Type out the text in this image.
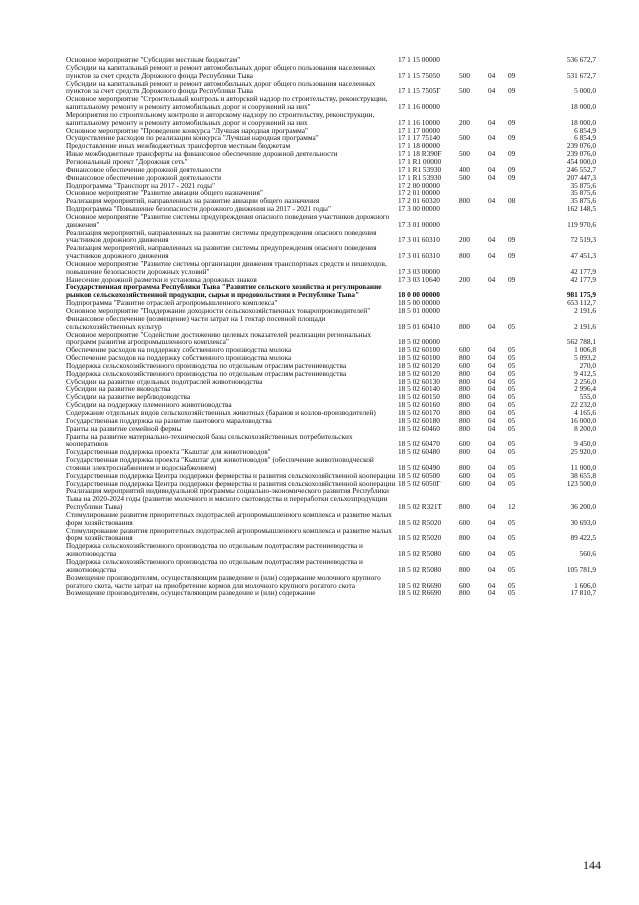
Основное мероприятие "Субсидии местным бюджетам"	17 1 15 00000	536 672,7
Субсидии на капитальный ремонт и ремонт автомобильных дорог общего пользования населенных пунктов за счет средств Дорожного фонда Республики Тыва	17 1 15 75050	500	04	09	531 672,7
Субсидии на капитальный ремонт и ремонт автомобильных дорог общего пользования населенных пунктов за счет средств Дорожного фонда Республики Тыва	17 1 15 7505Г	500	04	09	5 000,0
Основное мероприятие "Строительный контроль и авторский надзор по строительству, реконструкции, капитальному ремонту и ремонту автомобильных дорог и сооружений на них"	17 1 16 00000	18 000,0
Мероприятия по строительному контролю и авторскому надзору по строительству, реконструкции, капитальному ремонту и ремонту автомобильных дорог и сооружений на них	17 1 16 10000	200	04	09	18 000,0
Основное мероприятие "Проведение конкурса "Лучшая народная программа"	17 1 17 00000	6 854,9
Осуществление расходов по реализации конкурса "Лучшая народная программа"	17 1 17 75140	500	04	09	6 854,9
Предоставление иных межбюджетных трансфертов местным бюджетам	17 1 18 00000	239 076,0
Иные межбюджетные трансферты на финансовое обеспечение дорожной деятельности	17 1 18 R390F	500	04	09	239 076,0
Региональный проект "Дорожная сеть"	17 1 R1 00000	454 000,0
Финансовое обеспечение дорожной деятельности	17 1 R1 53930	400	04	09	246 552,7
Финансовое обеспечение дорожной деятельности	17 1 R1 53930	500	04	09	207 447,3
Подпрограмма "Транспорт на 2017 - 2021 годы"	17 2 00 00000	35 875,6
Основное мероприятие "Развитие авиации общего назначения"	17 2 01 00000	35 875,6
Реализация мероприятий, направленных на развитие авиации общего назначения	17 2 01 60320	800	04	08	35 875,6
Подпрограмма "Повышение безопасности дорожного движения на 2017 - 2021 годы"	17 3 00 00000	162 148,5
Основное мероприятие "Развитие системы предупреждения опасного поведения участников дорожного движения"	17 3 01 00000	119 970,6
Реализация мероприятий, направленных на развитие системы предупреждения опасного поведения участников дорожного движения	17 3 01 60310	200	04	09	72 519,3
Реализация мероприятий, направленных на развитие системы предупреждения опасного поведения участников дорожного движения	17 3 01 60310	800	04	09	47 451,3
Основное мероприятие "Развитие системы организации движения транспортных средств и пешеходов, повышение безопасности дорожных условий"	17 3 03 00000	42 177,9
Нанесение дорожной разметки и установка дорожных знаков	17 3 03 10640	200	04	09	42 177,9
Государственная программа Республики Тыва "Развитие сельского хозяйства и регулирование рынков сельскохозяйственной продукции, сырья и продовольствия в Республике Тыва"	18 0 00 00000	981 175,9
Подпрограмма "Развитие отраслей агропромышленного комплекса"	18 5 00 00000	653 112,7
Основное мероприятие "Поддержание доходности сельскохозяйственных товаропроизводителей"	18 5 01 00000	2 191,6
Финансовое обеспечение (возмещение) части затрат на 1 гектар посевной площади сельскохозяйственных культур	18 5 01 60410	800	04	05	2 191,6
Основное мероприятие "Содействие достижению целевых показателей реализации региональных программ развития агропромышленного комплекса"	18 5 02 00000	562 788,1
Обеспечение расходов на поддержку собственного производства молока	18 5 02 60100	600	04	05	1 006,8
Обеспечение расходов на поддержку собственного производства молока	18 5 02 60100	800	04	05	5 093,2
Поддержка сельскохозяйственного производства по отдельным отраслям растениеводства	18 5 02 60120	600	04	05	270,0
Поддержка сельскохозяйственного производства по отдельным отраслям растениеводства	18 5 02 60120	800	04	05	9 412,5
Субсидии на развитие отдельных подотраслей животноводства	18 5 02 60130	800	04	05	2 256,0
Субсидии на развитие яководства	18 5 02 60140	800	04	05	2 996,4
Субсидии на развитие верблюдоводства	18 5 02 60150	800	04	05	555,0
Субсидии на поддержку племенного животноводства	18 5 02 60160	800	04	05	22 232,0
Содержание отдельных видов сельскохозяйственных животных (баранов и козлов-производителей)	18 5 02 60170	800	04	05	4 165,6
Государственная поддержка на развитие пантового мараловодства	18 5 02 60180	800	04	05	16 000,0
Гранты на развитие семейной фермы	18 5 02 60460	800	04	05	8 200,0
Гранты на развитие материально-технической базы сельскохозяйственных потребительских кооперативов	18 5 02 60470	600	04	05	9 450,0
Государственная поддержка проекта "Кыштаг для животноводов"	18 5 02 60480	800	04	05	25 920,0
Государственная поддержка проекта "Кыштаг для животноводов" (обеспечение животноводческой стоянки электроснабжением и водоснабжением)	18 5 02 60490	800	04	05	11 000,0
Государственная поддержка Центра поддержки фермерства и развития сельскохозяйственной кооперации 18 5 02 60500	600	04	05	38 655,8
Государственная поддержка Центра поддержки фермерства и развития сельскохозяйственной кооперации 18 5 02 6050Г	600	04	05	123 500,0
Реализация мероприятий индивидуальной программы социально-экономического развития Республики Тыва на 2020-2024 годы (развитие молочного и мясного скотоводства и переработки сельхозпродукции Республики Тыва)	18 5 02 R321Т	800	04	12	36 200,0
Стимулирование развития приоритетных подотраслей агропромышленного комплекса и развитие малых форм хозяйствования	18 5 02 R5020	600	04	05	30 693,0
Стимулирование развития приоритетных подотраслей агропромышленного комплекса и развитие малых форм хозяйствования	18 5 02 R5020	800	04	05	89 422,5
Поддержка сельскохозяйственного производства по отдельным подотраслям растениеводства и животноводства	18 5 02 R5080	600	04	05	560,6
Поддержка сельскохозяйственного производства по отдельным подотраслям растениеводства и животноводства	18 5 02 R5080	800	04	05	105 781,9
Возмещение производителям, осуществляющим разведение и (или) содержание молочного крупного рогатого скота, части затрат на приобретение кормов для молочного крупного рогатого скота	18 5 02 R6690	600	04	05	1 606,0
Возмещение производителям, осуществляющим разведение и (или) содержание	18 5 02 R6690	800	04	05	17 810,7
144
